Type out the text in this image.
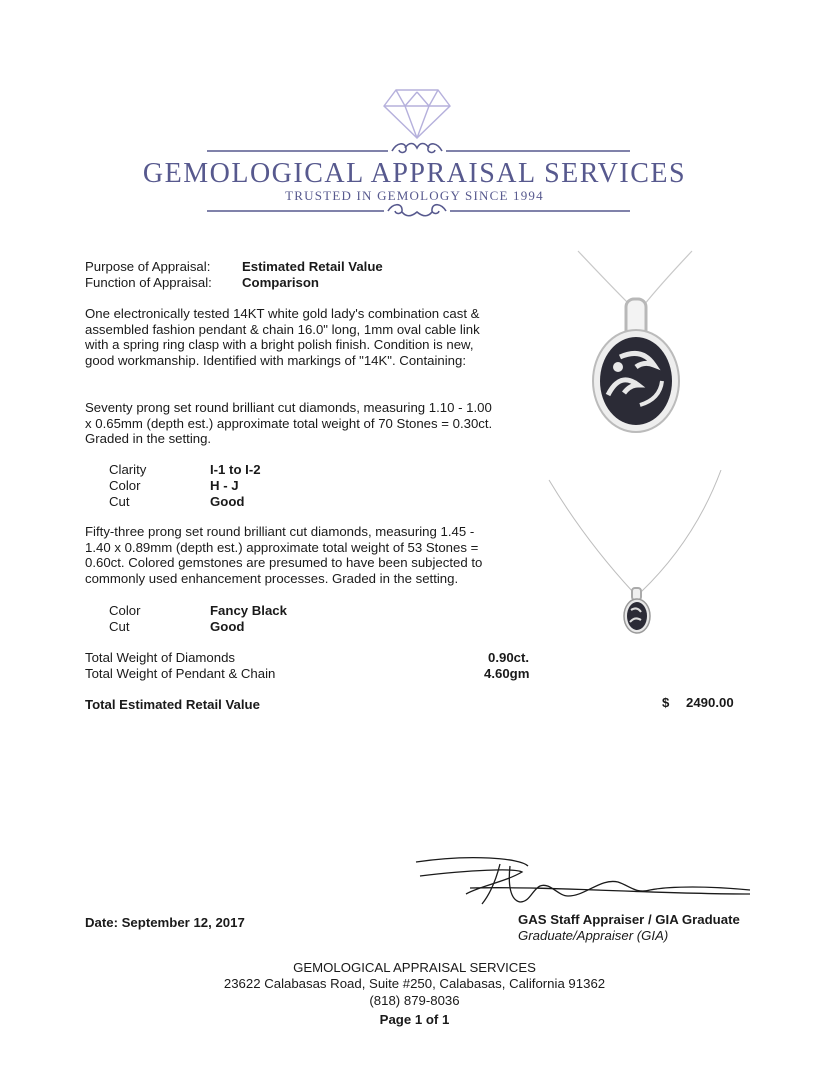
GEMOLOGICAL APPRAISAL SERVICES
TRUSTED IN GEMOLOGY SINCE 1994
Purpose of Appraisal: Estimated Retail Value
Function of Appraisal: Comparison
One electronically tested 14KT white gold lady's combination cast & assembled fashion pendant & chain 16.0" long, 1mm oval cable link with a spring ring clasp with a bright polish finish. Condition is new, good workmanship. Identified with markings of "14K". Containing:
Seventy prong set round brilliant cut diamonds, measuring 1.10 - 1.00 x 0.65mm (depth est.) approximate total weight of 70 Stones = 0.30ct. Graded in the setting.
Clarity	I-1 to I-2
Color	H - J
Cut	Good
Fifty-three prong set round brilliant cut diamonds, measuring 1.45 - 1.40 x 0.89mm (depth est.) approximate total weight of 53 Stones = 0.60ct. Colored gemstones are presumed to have been subjected to commonly used enhancement processes. Graded in the setting.
Color	Fancy Black
Cut	Good
Total Weight of Diamonds	0.90ct.
Total Weight of Pendant & Chain	4.60gm
Total Estimated Retail Value	$ 2490.00
Date: September 12, 2017	GAS Staff Appraiser / GIA Graduate
Graduate/Appraiser (GIA)
GEMOLOGICAL APPRAISAL SERVICES
23622 Calabasas Road, Suite #250, Calabasas, California 91362
(818) 879-8036
Page 1 of 1
